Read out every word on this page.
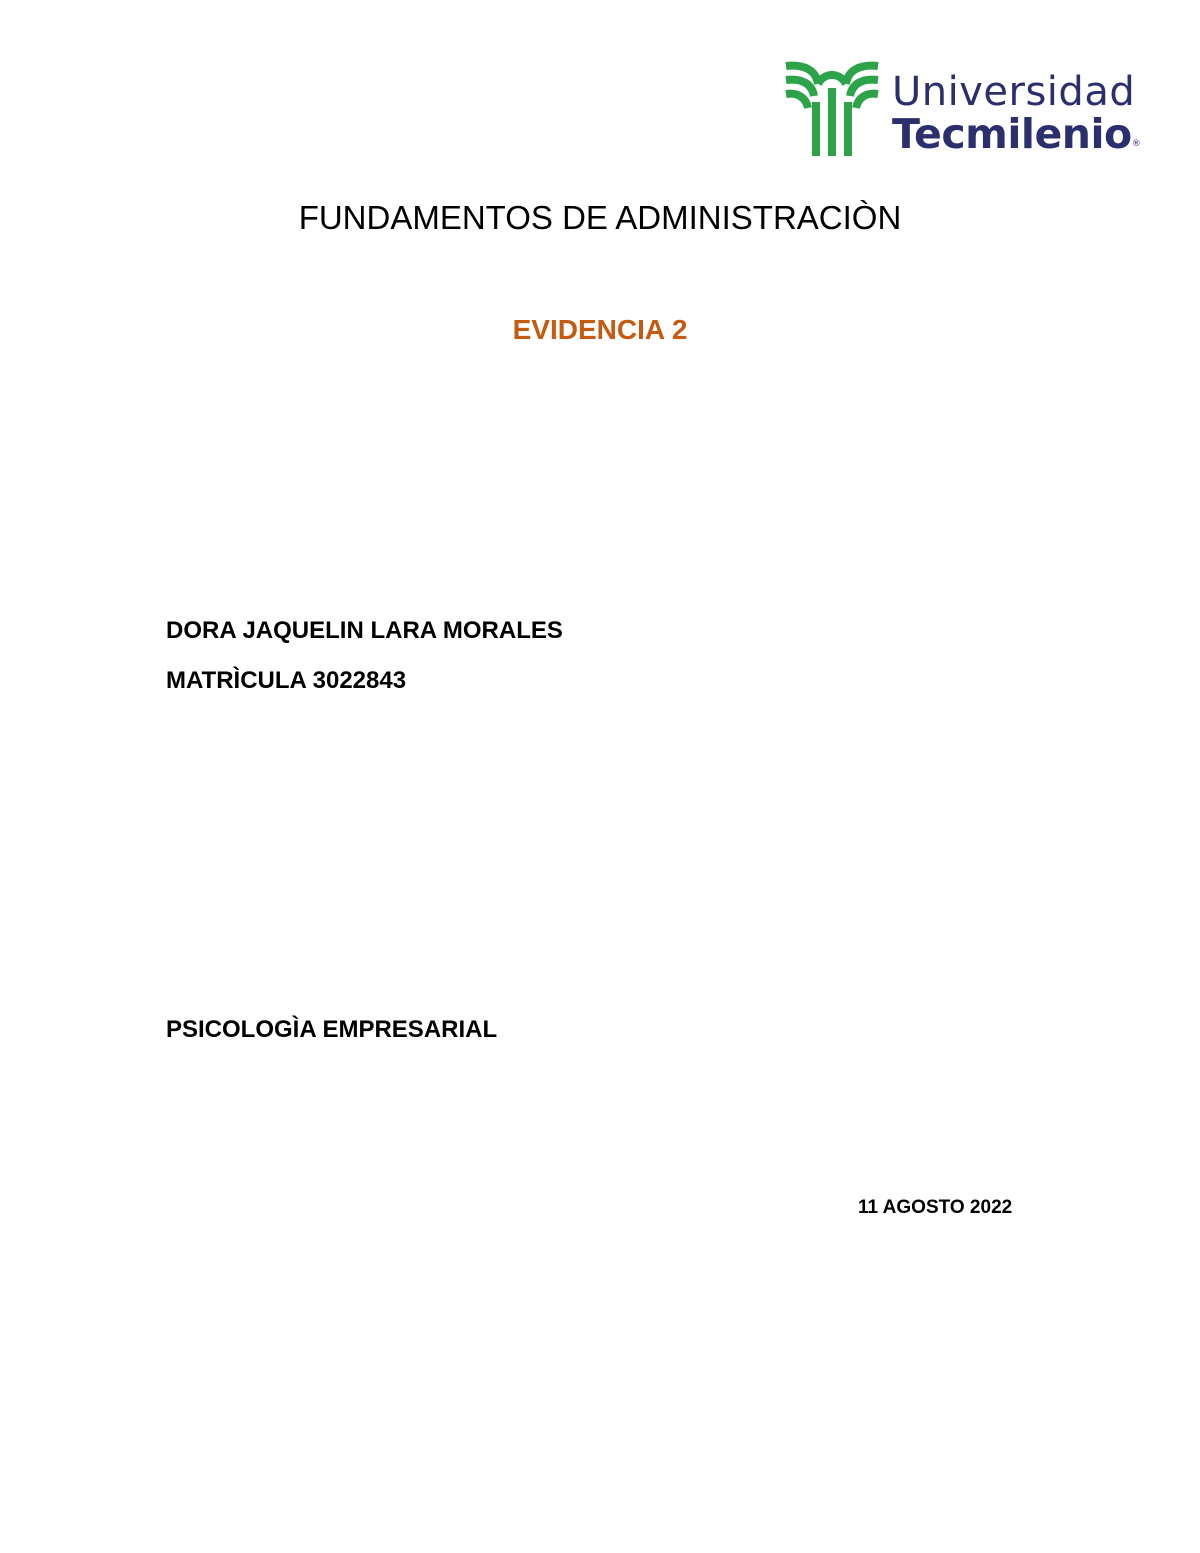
Universidad
Tecmilenio®
FUNDAMENTOS DE ADMINISTRACIÒN
EVIDENCIA 2
DORA JAQUELIN LARA MORALES
MATRÌCULA 3022843
PSICOLOGÌA EMPRESARIAL
11 AGOSTO 2022
